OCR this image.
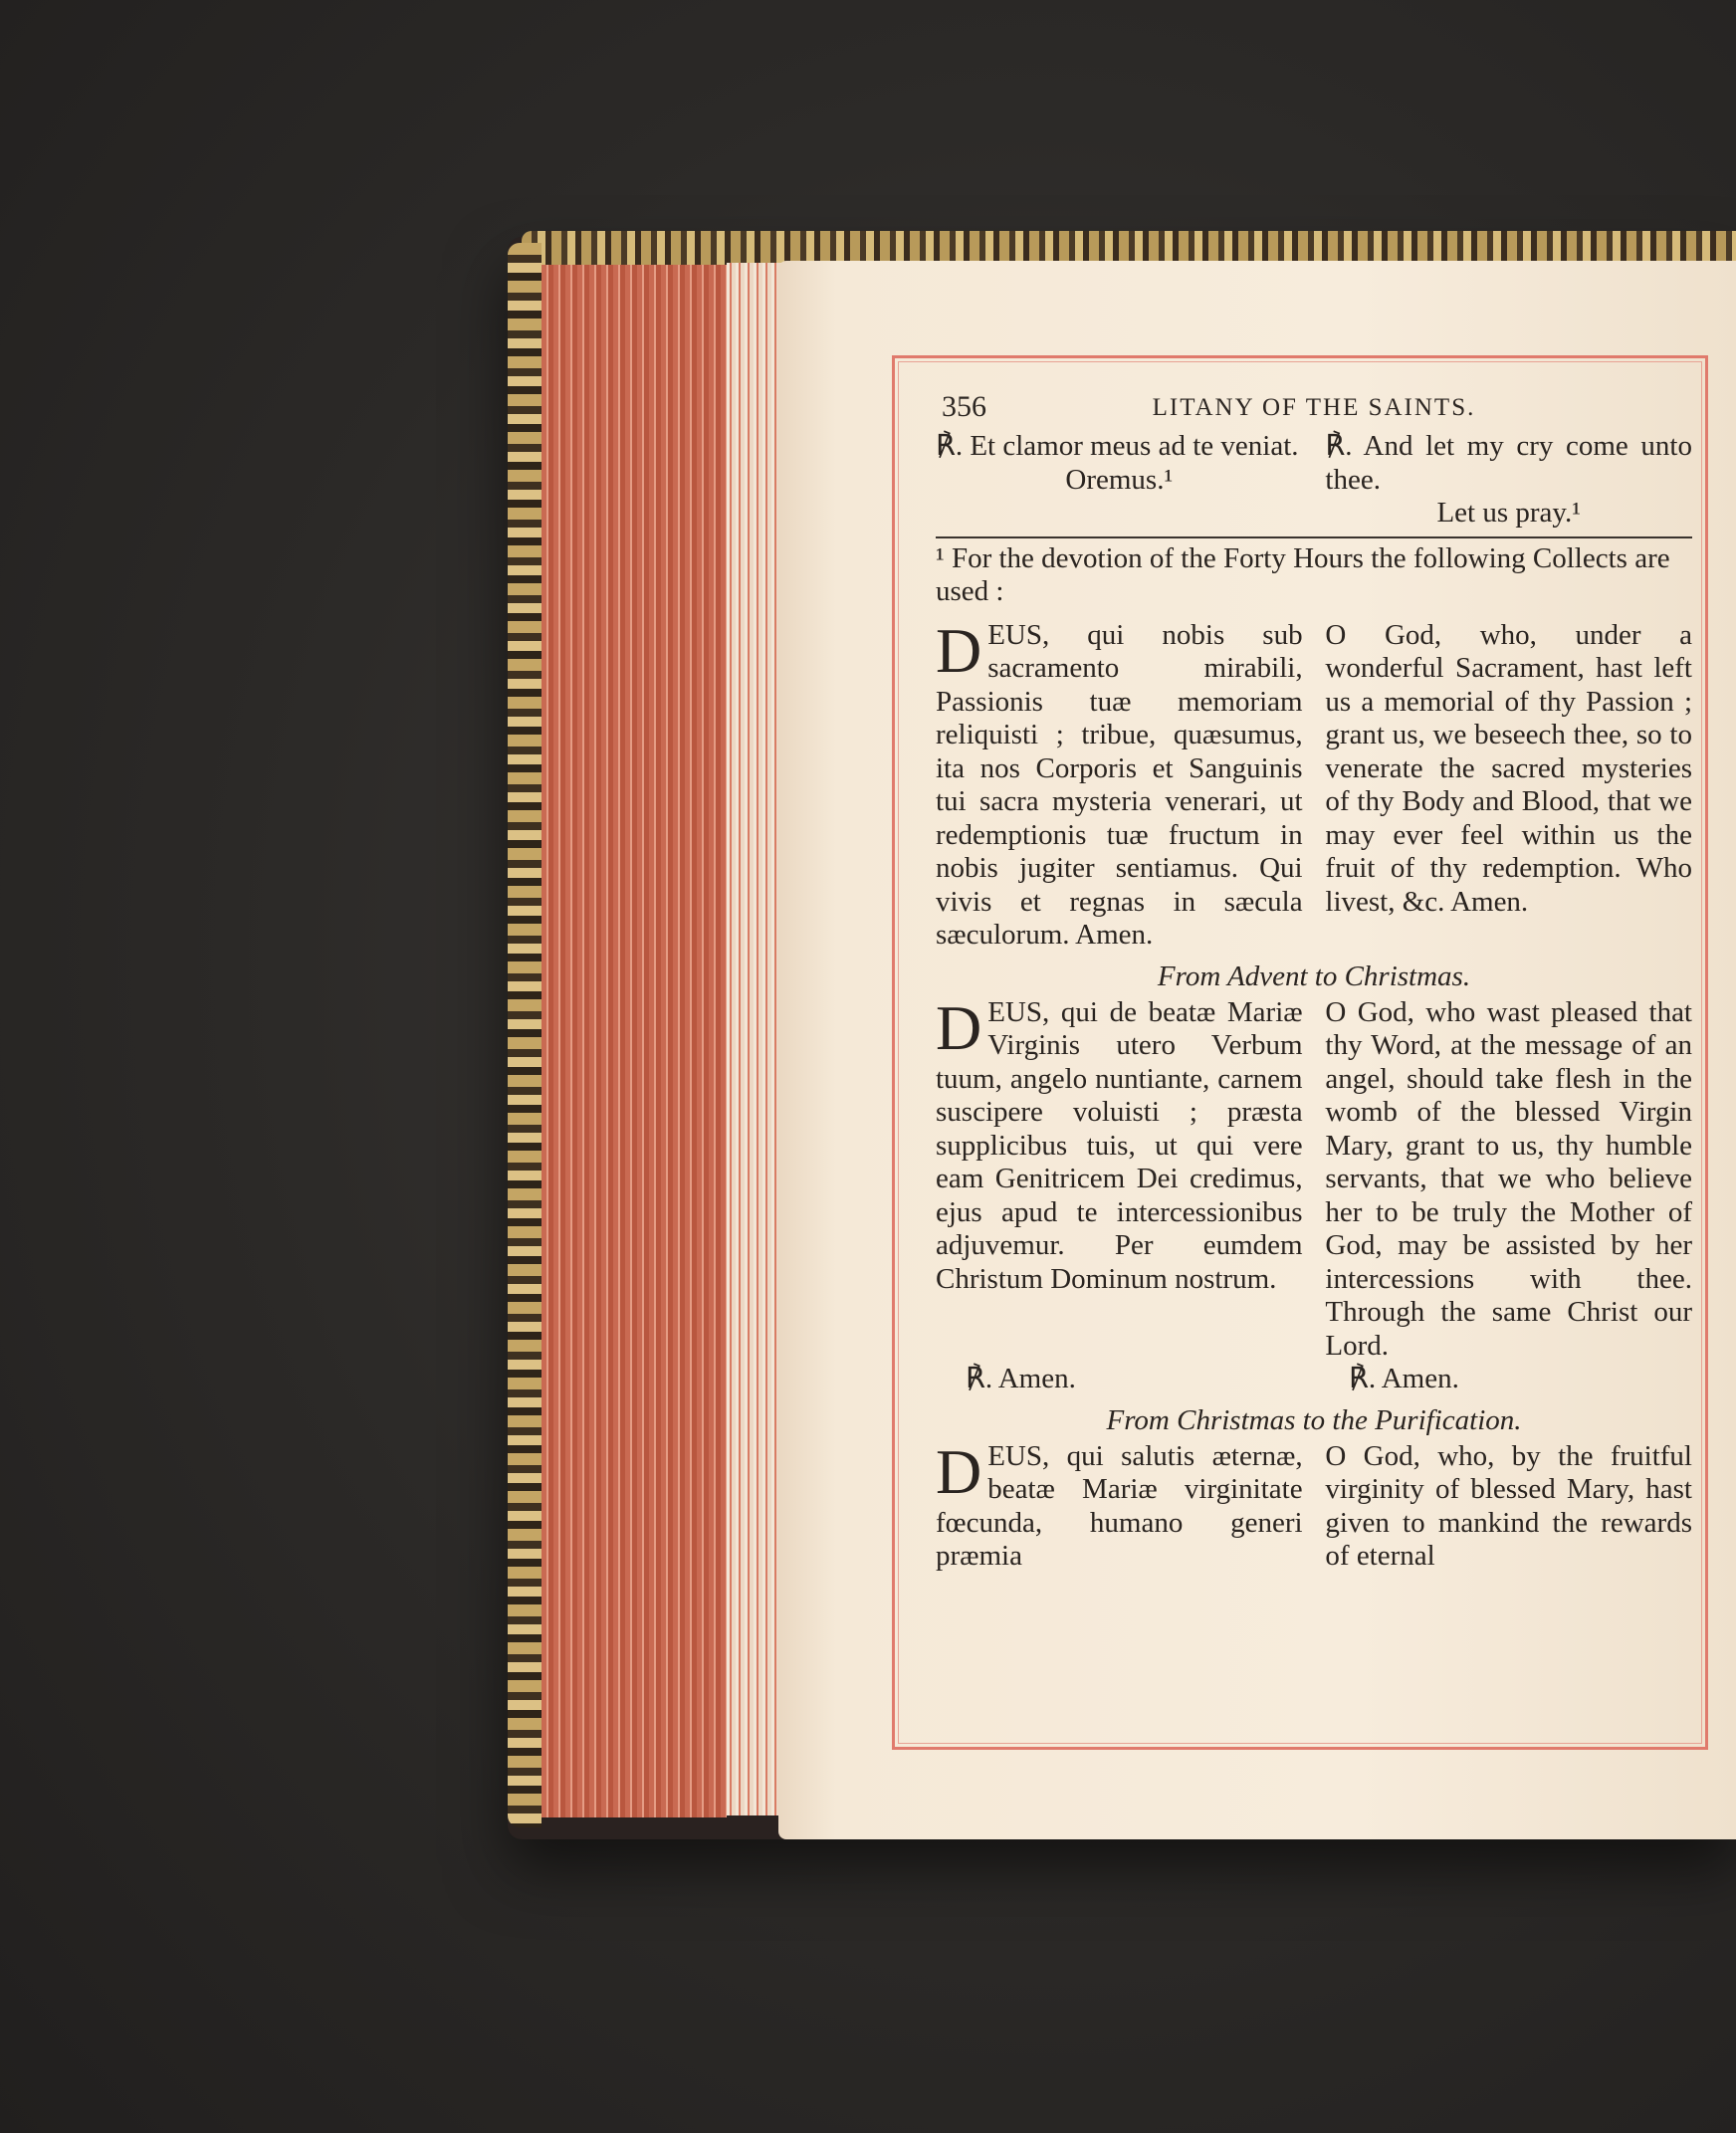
356	LITANY OF THE SAINTS.
℟. Et clamor meus ad te veniat.
Oremus.¹
℟. And let my cry come unto thee.
Let us pray.¹
¹ For the devotion of the Forty Hours the following Collects are used :
D EUS, qui nobis sub sacramento mirabili, Passionis tuæ memoriam reliquisti ; tribue, quæsumus, ita nos Corporis et Sanguinis tui sacra mysteria venerari, ut redemptionis tuæ fructum in nobis jugiter sentiamus. Qui vivis et regnas in sæcula sæculorum. Amen.
O God, who, under a wonderful Sacrament, hast left us a memorial of thy Passion ; grant us, we beseech thee, so to venerate the sacred mysteries of thy Body and Blood, that we may ever feel within us the fruit of thy redemption. Who livest, &c. Amen.
From Advent to Christmas.
D EUS, qui de beatæ Mariæ Virginis utero Verbum tuum, angelo nuntiante, carnem suscipere voluisti ; præsta supplicibus tuis, ut qui vere eam Genitricem Dei credimus, ejus apud te intercessionibus adjuvemur. Per eumdem Christum Dominum nostrum.
O God, who wast pleased that thy Word, at the message of an angel, should take flesh in the womb of the blessed Virgin Mary, grant to us, thy humble servants, that we who believe her to be truly the Mother of God, may be assisted by her intercessions with thee. Through the same Christ our Lord.
℟. Amen.	℟. Amen.
From Christmas to the Purification.
D EUS, qui salutis æternæ, beatæ Mariæ virginitate fœcunda, humano generi præmia
O God, who, by the fruitful virginity of blessed Mary, hast given to mankind the rewards of eternal
